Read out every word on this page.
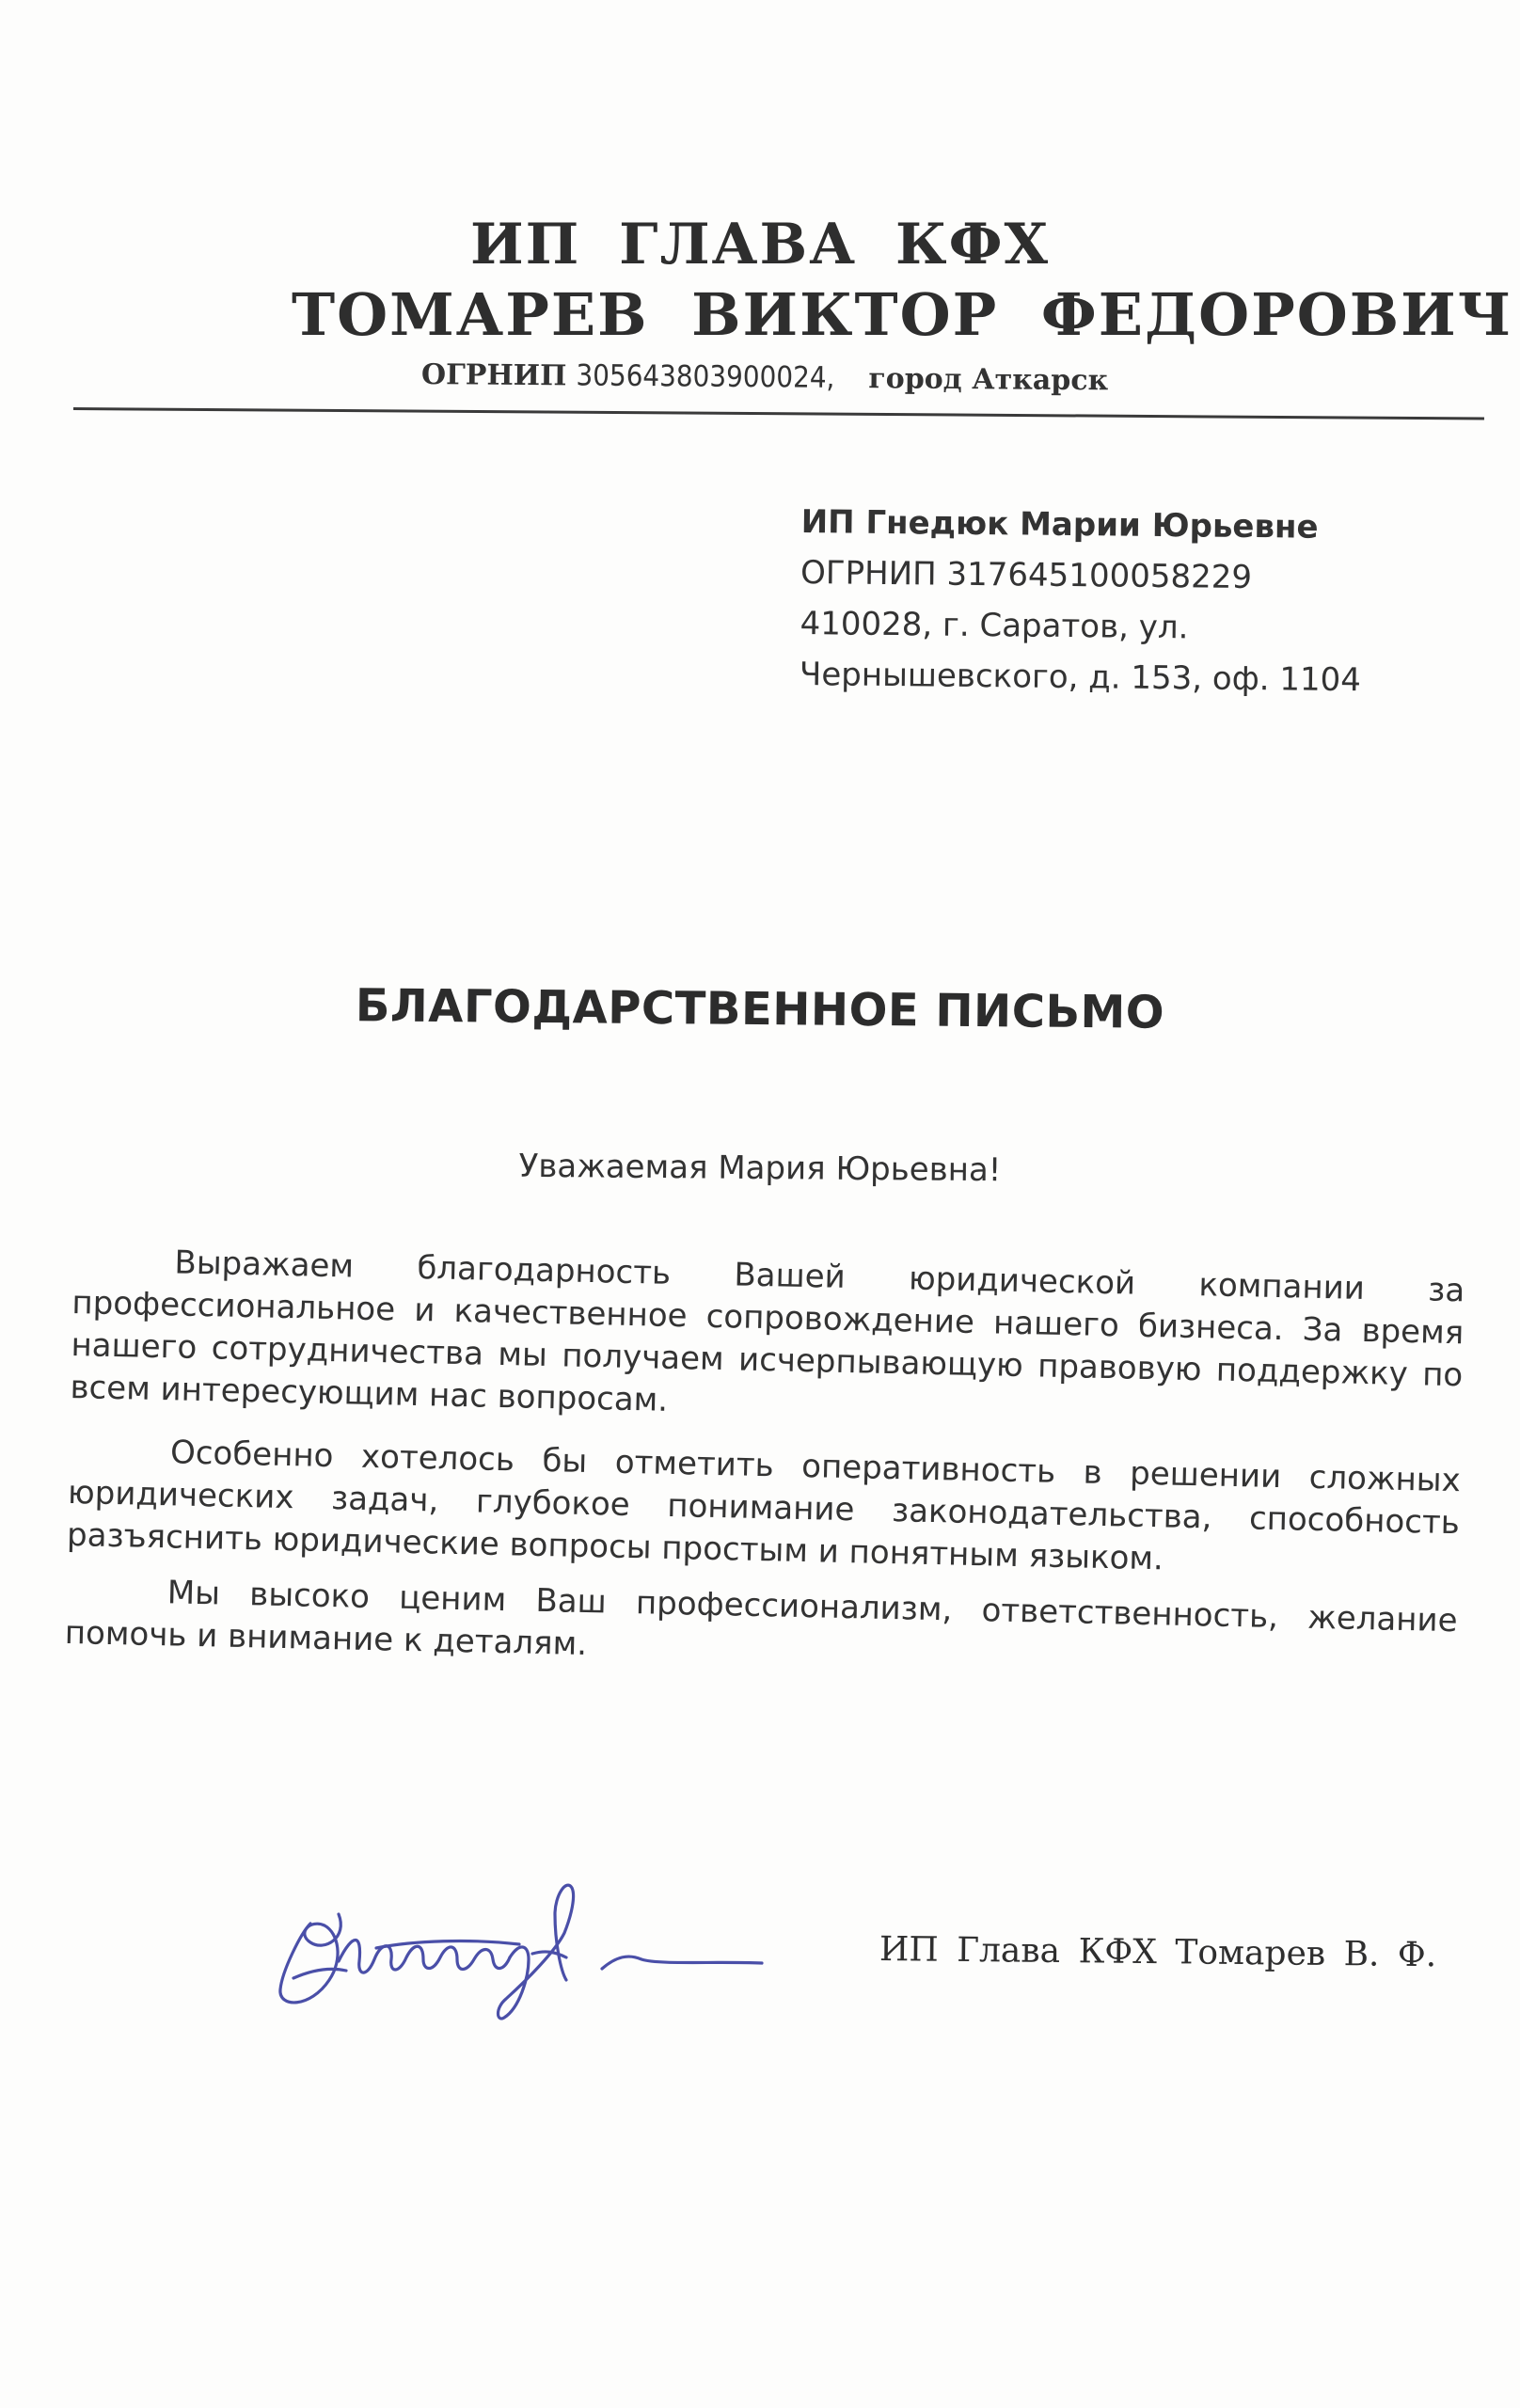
ИП ГЛАВА КФХ
ТОМАРЕВ ВИКТОР ФЕДОРОВИЧ
ОГРНИП 305643803900024, город Аткарск
ИП Гнедюк Марии Юрьевне
ОГРНИП 317645100058229
410028, г. Саратов, ул.
Чернышевского, д. 153, оф. 1104
БЛАГОДАРСТВЕННОЕ ПИСЬМО
Уважаемая Мария Юрьевна!

Выражаем благодарность Вашей юридической компании за профессиональное и качественное сопровождение нашего бизнеса. За время нашего сотрудничества мы получаем исчерпывающую правовую поддержку по всем интересующим нас вопросам.

Особенно хотелось бы отметить оперативность в решении сложных юридических задач, глубокое понимание законодательства, способность разъяснить юридические вопросы простым и понятным языком.

Мы высоко ценим Ваш профессионализм, ответственность, желание помочь и внимание к деталям.

ИП Глава КФХ Томарев В. Ф.
